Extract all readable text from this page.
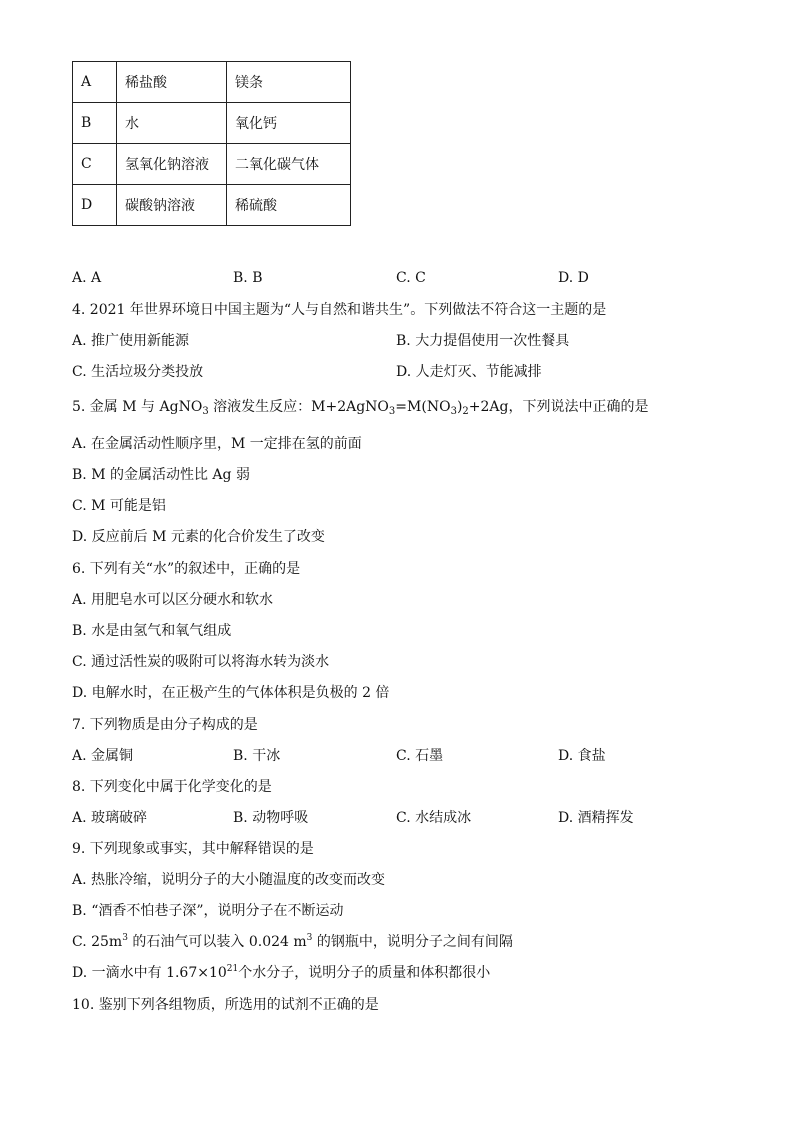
A	稀盐酸	镁条
B	水	氧化钙
C	氢氧化钠溶液	二氧化碳气体
D	碳酸钠溶液	稀硫酸
A. A	B. B	C. C	D. D
4. 2021 年世界环境日中国主题为“人与自然和谐共生”。下列做法不符合这一主题的是
A. 推广使用新能源	B. 大力提倡使用一次性餐具
C. 生活垃圾分类投放	D. 人走灯灭、节能减排
5. 金属 M 与 AgNO$_3$ 溶液发生反应：$M+2AgNO_3=M(NO_3)_2+2Ag$，下列说法中正确的是
A. 在金属活动性顺序里，M 一定排在氢的前面
B. M 的金属活动性比 Ag 弱
C. M 可能是铝
D. 反应前后 M 元素的化合价发生了改变
6. 下列有关“水”的叙述中，正确的是
A. 用肥皂水可以区分硬水和软水
B. 水是由氢气和氧气组成
C. 通过活性炭的吸附可以将海水转为淡水
D. 电解水时，在正极产生的气体体积是负极的 2 倍
7. 下列物质是由分子构成的是
A. 金属铜	B. 干冰	C. 石墨	D. 食盐
8. 下列变化中属于化学变化的是
A. 玻璃破碎	B. 动物呼吸	C. 水结成冰	D. 酒精挥发
9. 下列现象或事实，其中解释错误的是
A. 热胀冷缩，说明分子的大小随温度的改变而改变
B. “酒香不怕巷子深”，说明分子在不断运动
C. $25m^3$ 的石油气可以装入 0.024 $m^3$ 的钢瓶中，说明分子之间有间隔
D. 一滴水中有 $1.67\times 10^{21}$个水分子，说明分子的质量和体积都很小
10. 鉴别下列各组物质，所选用的试剂不正确的是
